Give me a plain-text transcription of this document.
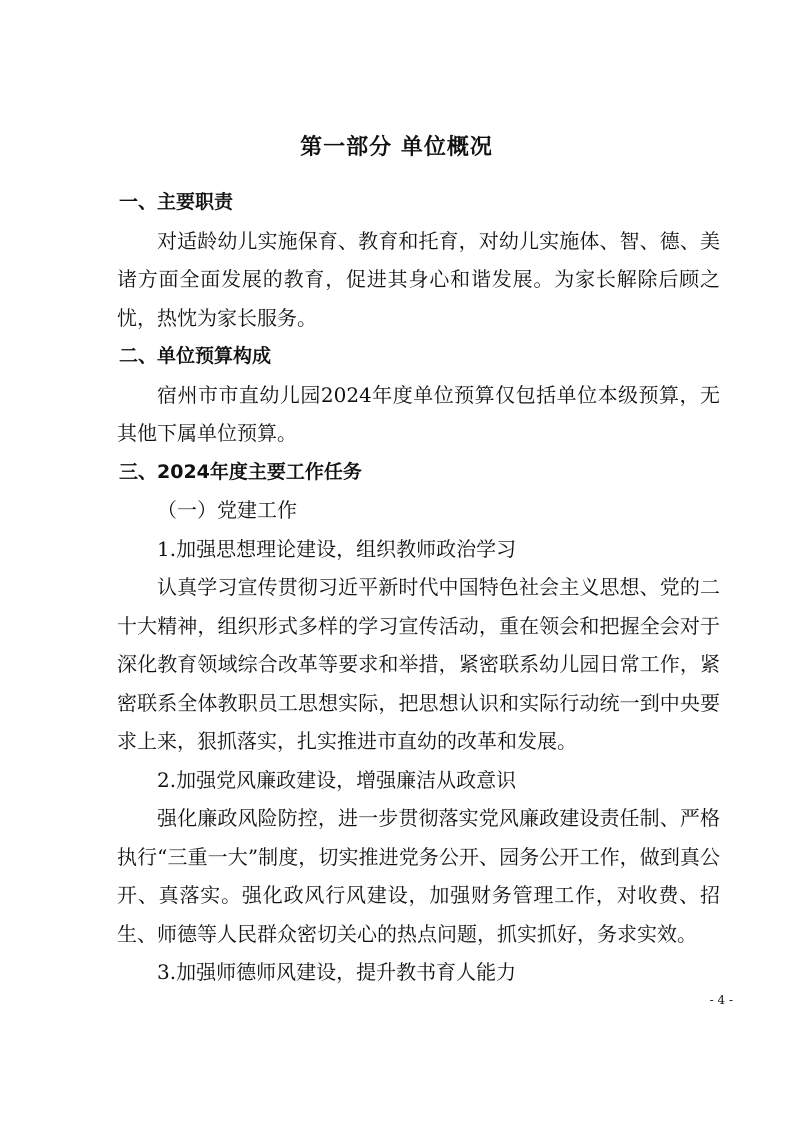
第一部分 单位概况
一、主要职责

对适龄幼儿实施保育、教育和托育，对幼儿实施体、智、德、美诸方面全面发展的教育，促进其身心和谐发展。为家长解除后顾之忧，热忱为家长服务。

二、单位预算构成

宿州市市直幼儿园2024年度单位预算仅包括单位本级预算，无其他下属单位预算。

三、2024年度主要工作任务

（一）党建工作

1.加强思想理论建设，组织教师政治学习

认真学习宣传贯彻习近平新时代中国特色社会主义思想、党的二十大精神，组织形式多样的学习宣传活动，重在领会和把握全会对于深化教育领域综合改革等要求和举措，紧密联系幼儿园日常工作，紧密联系全体教职员工思想实际，把思想认识和实际行动统一到中央要求上来，狠抓落实，扎实推进市直幼的改革和发展。

2.加强党风廉政建设，增强廉洁从政意识

强化廉政风险防控，进一步贯彻落实党风廉政建设责任制、严格执行“三重一大”制度，切实推进党务公开、园务公开工作，做到真公开、真落实。强化政风行风建设，加强财务管理工作，对收费、招生、师德等人民群众密切关心的热点问题，抓实抓好，务求实效。

3.加强师德师风建设，提升教书育人能力

- 4 -
